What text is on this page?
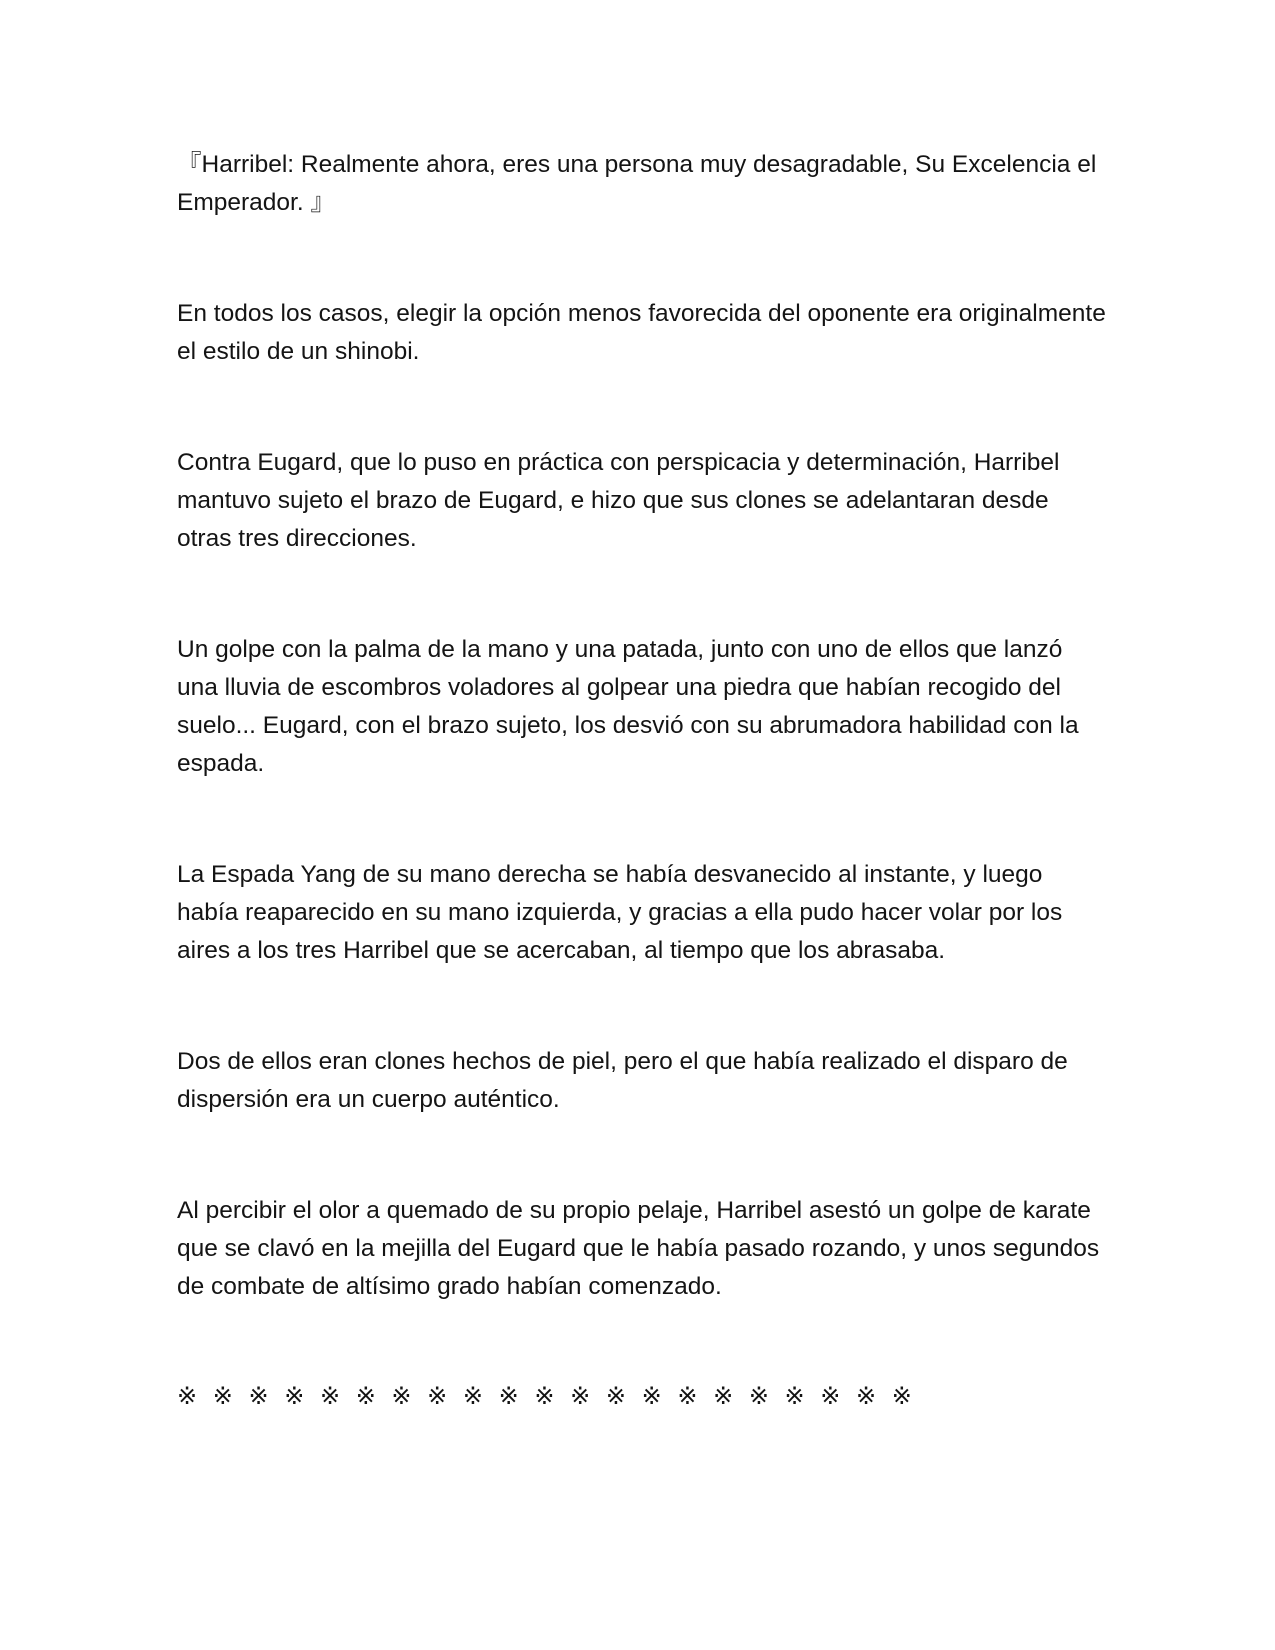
『Harribel: Realmente ahora, eres una persona muy desagradable, Su Excelencia el Emperador. 』

En todos los casos, elegir la opción menos favorecida del oponente era originalmente el estilo de un shinobi.

Contra Eugard, que lo puso en práctica con perspicacia y determinación, Harribel mantuvo sujeto el brazo de Eugard, e hizo que sus clones se adelantaran desde otras tres direcciones.

Un golpe con la palma de la mano y una patada, junto con uno de ellos que lanzó una lluvia de escombros voladores al golpear una piedra que habían recogido del suelo... Eugard, con el brazo sujeto, los desvió con su abrumadora habilidad con la espada.

La Espada Yang de su mano derecha se había desvanecido al instante, y luego había reaparecido en su mano izquierda, y gracias a ella pudo hacer volar por los aires a los tres Harribel que se acercaban, al tiempo que los abrasaba.

Dos de ellos eran clones hechos de piel, pero el que había realizado el disparo de dispersión era un cuerpo auténtico.

Al percibir el olor a quemado de su propio pelaje, Harribel asestó un golpe de karate que se clavó en la mejilla del Eugard que le había pasado rozando, y unos segundos de combate de altísimo grado habían comenzado.

※ ※ ※ ※ ※ ※ ※ ※ ※ ※ ※ ※ ※ ※ ※ ※ ※ ※ ※ ※ ※
